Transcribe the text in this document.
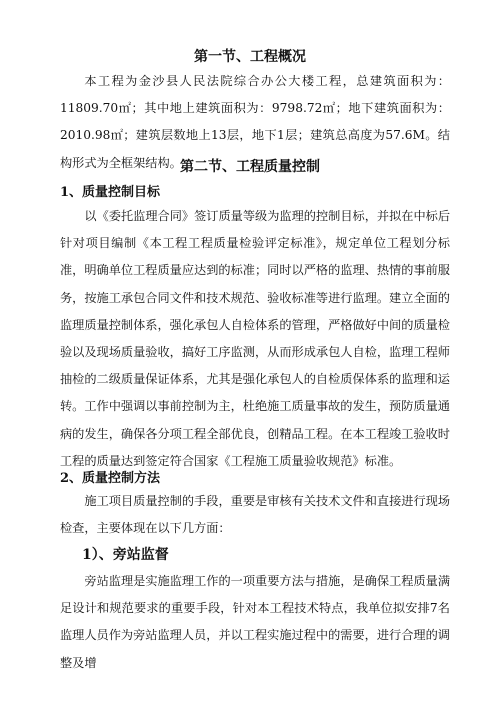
第一节、工程概况

本工程为金沙县人民法院综合办公大楼工程，总建筑面积为：11809.70㎡；其中地上建筑面积为：9798.72㎡；地下建筑面积为：2010.98㎡；建筑层数地上13层，地下1层；建筑总高度为57.6M。结构形式为全框架结构。

第二节、工程质量控制
1、质量控制目标

以《委托监理合同》签订质量等级为监理的控制目标，并拟在中标后针对项目编制《本工程工程质量检验评定标准》，规定单位工程划分标准，明确单位工程质量应达到的标准；同时以严格的监理、热情的事前服务，按施工承包合同文件和技术规范、验收标准等进行监理。建立全面的监理质量控制体系，强化承包人自检体系的管理，严格做好中间的质量检验以及现场质量验收，搞好工序监测，从而形成承包人自检，监理工程师抽检的二级质量保证体系，尤其是强化承包人的自检质保体系的监理和运转。工作中强调以事前控制为主，杜绝施工质量事故的发生，预防质量通病的发生，确保各分项工程全部优良，创精品工程。在本工程竣工验收时工程的质量达到签定符合国家《工程施工质量验收规范》标准。

2、质量控制方法

施工项目质量控制的手段，重要是审核有关技术文件和直接进行现场检查，主要体现在以下几方面：

1）、旁站监督

旁站监理是实施监理工作的一项重要方法与措施，是确保工程质量满足设计和规范要求的重要手段，针对本工程技术特点，我单位拟安排7名监理人员作为旁站监理人员，并以工程实施过程中的需要，进行合理的调整及增
